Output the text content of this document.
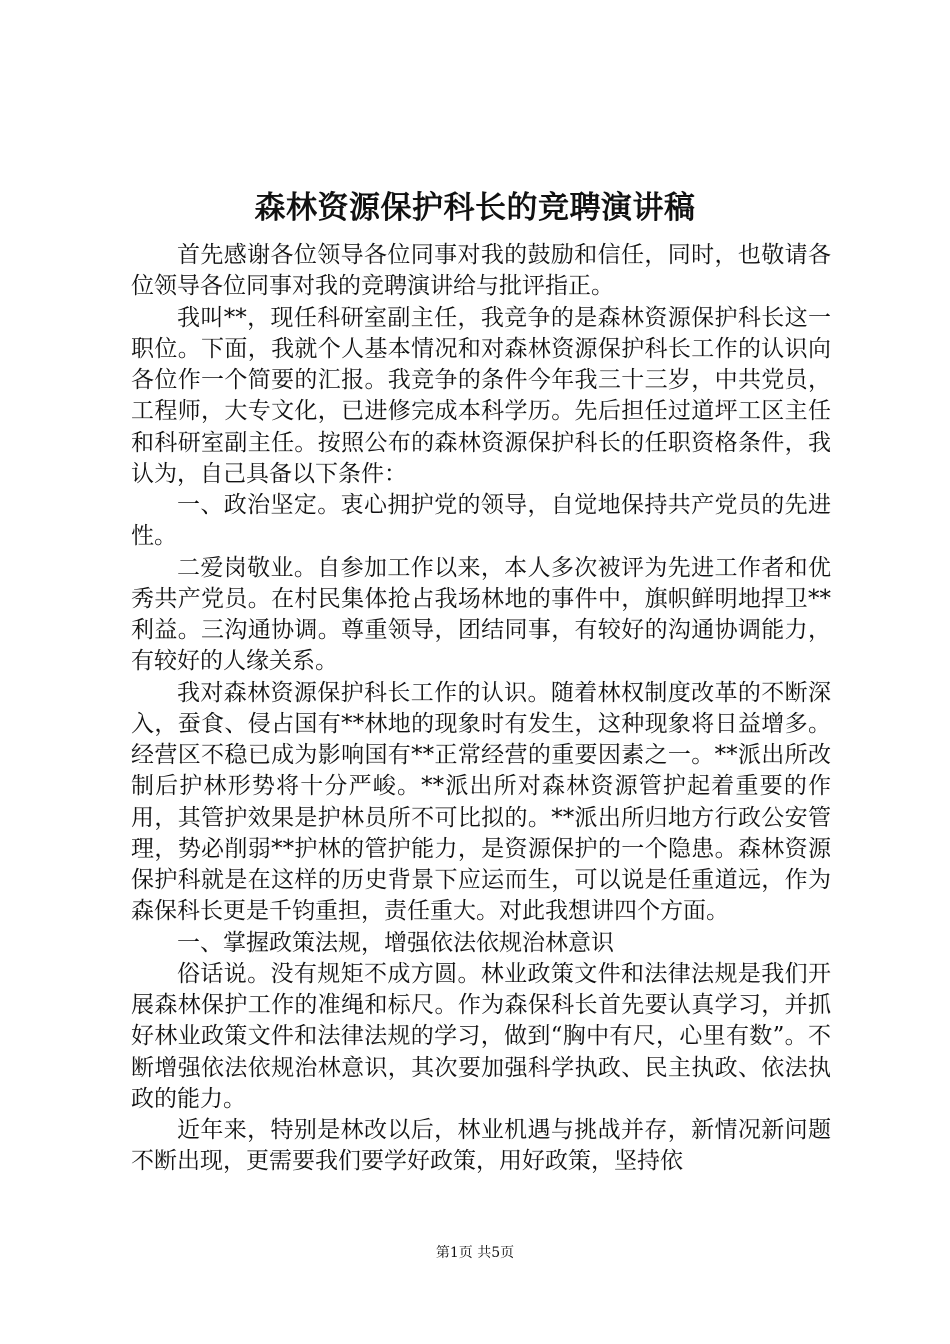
森林资源保护科长的竞聘演讲稿

首先感谢各位领导各位同事对我的鼓励和信任，同时，也敬请各位领导各位同事对我的竞聘演讲给与批评指正。

我叫**，现任科研室副主任，我竞争的是森林资源保护科长这一职位。下面，我就个人基本情况和对森林资源保护科长工作的认识向各位作一个简要的汇报。我竞争的条件今年我三十三岁，中共党员，工程师，大专文化，已进修完成本科学历。先后担任过道坪工区主任和科研室副主任。按照公布的森林资源保护科长的任职资格条件，我认为，自己具备以下条件：

一、政治坚定。衷心拥护党的领导，自觉地保持共产党员的先进性。

二爱岗敬业。自参加工作以来，本人多次被评为先进工作者和优秀共产党员。在村民集体抢占我场林地的事件中，旗帜鲜明地捍卫**利益。三沟通协调。尊重领导，团结同事，有较好的沟通协调能力，有较好的人缘关系。

我对森林资源保护科长工作的认识。随着林权制度改革的不断深入，蚕食、侵占国有**林地的现象时有发生，这种现象将日益增多。经营区不稳已成为影响国有**正常经营的重要因素之一。**派出所改制后护林形势将十分严峻。**派出所对森林资源管护起着重要的作用，其管护效果是护林员所不可比拟的。**派出所归地方行政公安管理，势必削弱**护林的管护能力，是资源保护的一个隐患。森林资源保护科就是在这样的历史背景下应运而生，可以说是任重道远，作为森保科长更是千钧重担，责任重大。对此我想讲四个方面。

一、掌握政策法规，增强依法依规治林意识

俗话说。没有规矩不成方圆。林业政策文件和法律法规是我们开展森林保护工作的准绳和标尺。作为森保科长首先要认真学习，并抓好林业政策文件和法律法规的学习，做到“胸中有尺，心里有数”。不断增强依法依规治林意识，其次要加强科学执政、民主执政、依法执政的能力。

近年来，特别是林改以后，林业机遇与挑战并存，新情况新问题不断出现，更需要我们要学好政策，用好政策，坚持依

第1页 共5页
